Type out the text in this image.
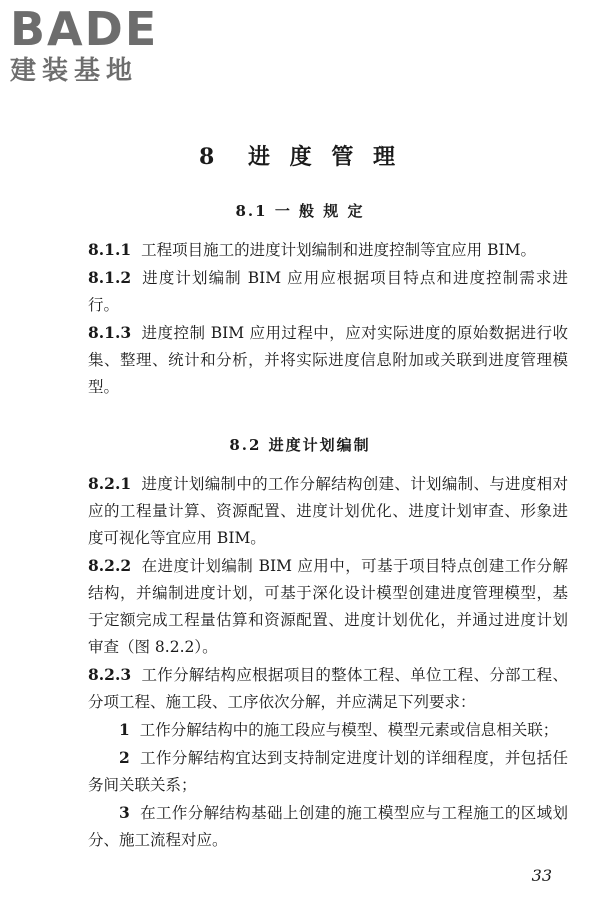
BADE
建装基地
8 进 度 管 理
8.1 一 般 规 定

8.1.1 工程项目施工的进度计划编制和进度控制等宜应用 BIM。

8.1.2 进度计划编制 BIM 应用应根据项目特点和进度控制需求进行。

8.1.3 进度控制 BIM 应用过程中，应对实际进度的原始数据进行收集、整理、统计和分析，并将实际进度信息附加或关联到进度管理模型。

8.2 进度计划编制

8.2.1 进度计划编制中的工作分解结构创建、计划编制、与进度相对应的工程量计算、资源配置、进度计划优化、进度计划审查、形象进度可视化等宜应用 BIM。

8.2.2 在进度计划编制 BIM 应用中，可基于项目特点创建工作分解结构，并编制进度计划，可基于深化设计模型创建进度管理模型，基于定额完成工程量估算和资源配置、进度计划优化，并通过进度计划审查（图 8.2.2）。

8.2.3 工作分解结构应根据项目的整体工程、单位工程、分部工程、分项工程、施工段、工序依次分解，并应满足下列要求：

1 工作分解结构中的施工段应与模型、模型元素或信息相关联；

2 工作分解结构宜达到支持制定进度计划的详细程度，并包括任务间关联关系；

3 在工作分解结构基础上创建的施工模型应与工程施工的区域划分、施工流程对应。

33
